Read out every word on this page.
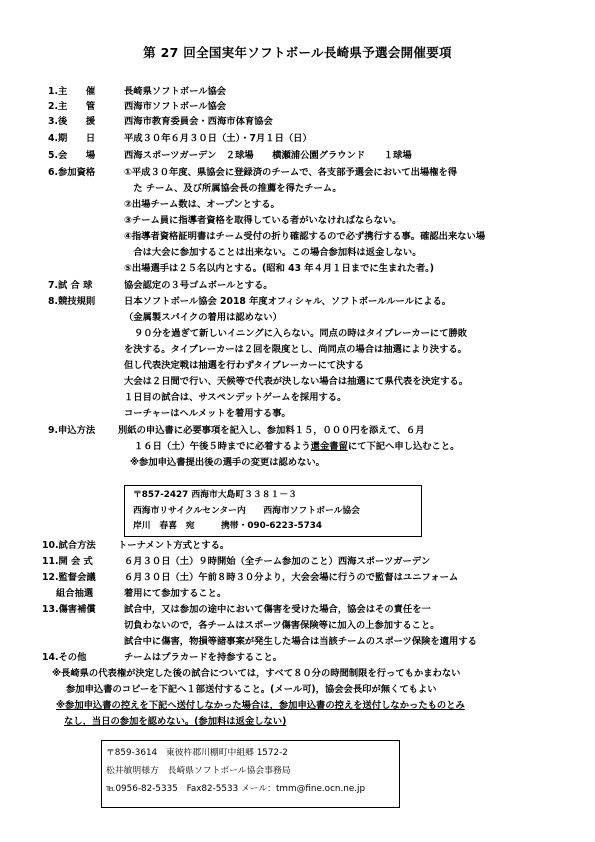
第 27 回全国実年ソフトボール長崎県予選会開催要項
1.主　　催	長崎県ソフトボール協会
2.主　　管	西海市ソフトボール協会
3.後　　援	西海市教育委員会・西海市体育協会
4.期　　日	平成３０年６月３０日（土）・7月１日（日）
5.会　　場	西海スポーツガーデン　２球場　　横瀬浦公園グラウンド　　１球場
6.参加資格	①平成３０年度、県協会に登録済のチームで、各支部予選会において出場権を得
　た チーム、及び所属協会長の推薦を得たチーム。
②出場チーム数は、オープンとする。
③チーム員に指導者資格を取得している者がいなければならない。
④指導者資格証明書はチーム受付の折り確認するので必ず携行する事。確認出来ない場
　合は大会に参加することは出来ない。この場合参加料は返金しない。
⑤出場選手は２５名以内とする。(昭和 43 年４月１日までに生まれた者。)
7.試 合 球	協会認定の３号ゴムボールとする。
8.競技規則	日本ソフトボール協会 2018 年度オフィシャル、ソフトボールルールによる。
（金属製スパイクの着用は認めない）
９０分を過ぎて新しいイニングに入らない。同点の時はタイブレーカーにて勝敗
を決する。タイブレーカーは２回を限度とし、尚同点の場合は抽選により決する。
但し代表決定戦は抽選を行わずタイブレーカーにて決する
大会は２日間で行い、天候等で代表が決しない場合は抽選にて県代表を決定する。
１日目の試合は、サスペンデットゲームを採用する。
コーチャーはヘルメットを着用する事。
9.申込方法 別紙の申込書に必要事項を記入し、参加料１５，０００円を添えて、６月
１６日（土）午後５時までに必着するよう還金書留にて下記へ申し込むこと。
※参加申込書提出後の選手の変更は認めない。
〒857-2427 西海市大島町３３８１－３
西海市リサイクルセンター内　　西海市ソフトボール協会
岸川　春喜　宛　　　携帯・090-6223-5734
10.試合方法 トーナメント方式とする。
11.開 会 式	６月３０日（土）９時開始（全チーム参加のこと）西海スポーツガーデン
12.監督会議	６月３０日（土）午前８時３０分より，大会会場に行うので監督はユニフォーム
組合抽選	着用にて参加すること。
13.傷害補償	試合中，又は参加の途中において傷害を受けた場合，協会はその責任を一
切負わないので，各チームはスポーツ傷害保険等に加入の上参加すること。
試合中に傷害，物損等諸事案が発生した場合は当該チームのスポーツ保険を適用する
14.その他	チームはプラカードを持参すること。
※長崎県の代表権が決定した後の試合については，すべて８０分の時間制限を行ってもかまわない
参加申込書のコピーを下記へ１部送付すること。(メール可)，協会会長印が無くてもよい
※参加申込書の控えを下記へ送付しなかった場合は，参加申込書の控えを送付しなかったものとみ
なし，当日の参加を認めない。(参加料は返金しない)
〒859-3614　東彼杵郡川棚町中組郷 1572-2
松井敏明様方　長崎県ソフトボール協会事務局
℡0956-82-5335　Fax82-5533 メール：tmm@fine.ocn.ne.jp
